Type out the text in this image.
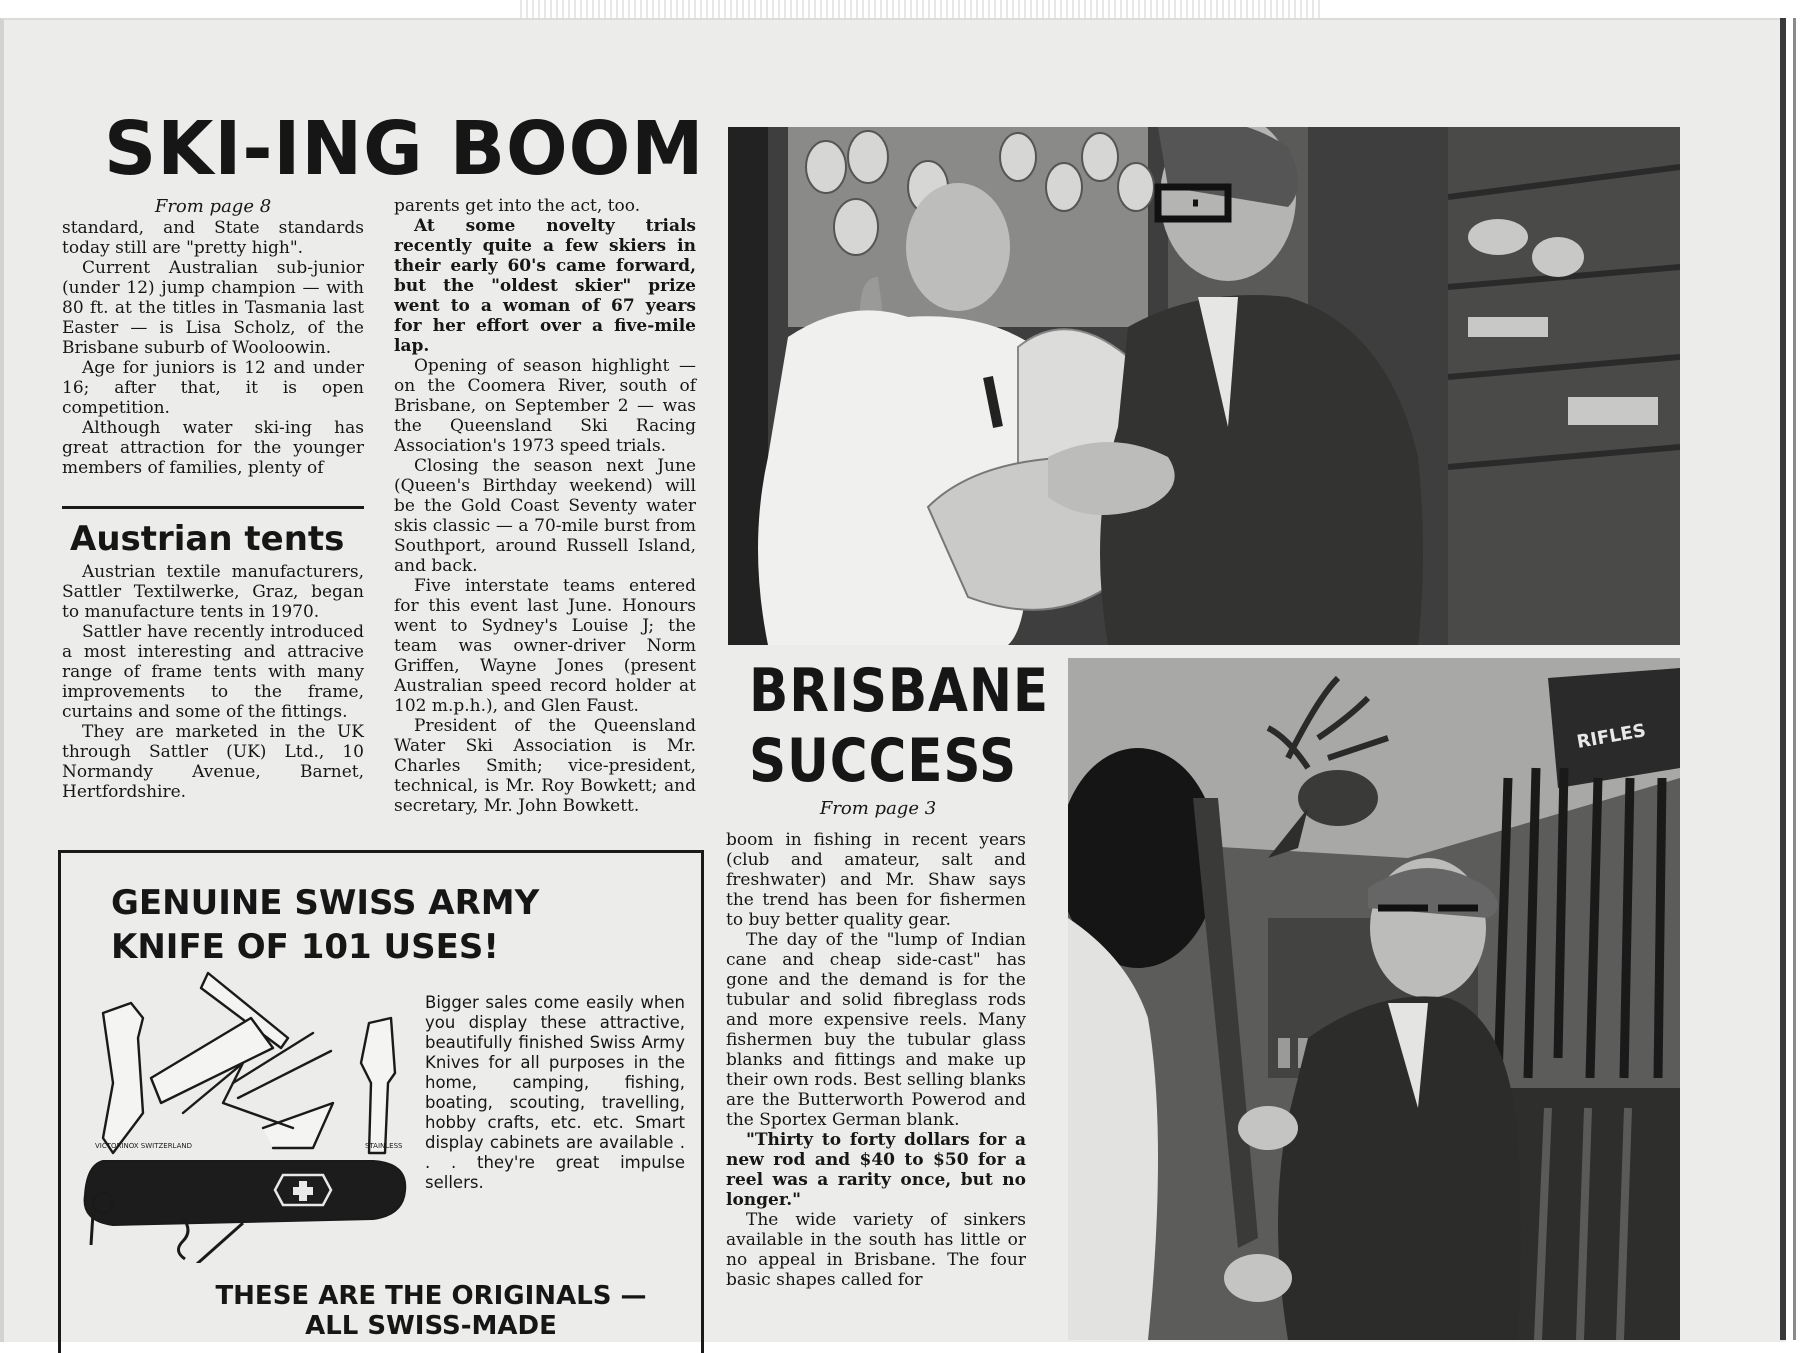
SKI-ING BOOM
From page 8

standard, and State standards today still are "pretty high".

Current Australian sub-junior (under 12) jump champion — with 80 ft. at the titles in Tasmania last Easter — is Lisa Scholz, of the Brisbane suburb of Wooloowin.

Age for juniors is 12 and under 16; after that, it is open competition.

Although water ski-ing has great attraction for the younger members of families, plenty of

parents get into the act, too.

At some novelty trials recently quite a few skiers in their early 60's came forward, but the "oldest skier" prize went to a woman of 67 years for her effort over a five-mile lap.

Opening of season highlight — on the Coomera River, south of Brisbane, on September 2 — was the Queensland Ski Racing Association's 1973 speed trials.

Closing the season next June (Queen's Birthday weekend) will be the Gold Coast Seventy water skis classic — a 70-mile burst from Southport, around Russell Island, and back.

Five interstate teams entered for this event last June. Honours went to Sydney's Louise J; the team was owner-driver Norm Griffen, Wayne Jones (present Australian speed record holder at 102 m.p.h.), and Glen Faust.

President of the Queensland Water Ski Association is Mr. Charles Smith; vice-president, technical, is Mr. Roy Bowkett; and secretary, Mr. John Bowkett.

Austrian tents

Austrian textile manufacturers, Sattler Textilwerke, Graz, began to manufacture tents in 1970.

Sattler have recently introduced a most interesting and attracive range of frame tents with many improvements to the frame, curtains and some of the fittings.

They are marketed in the UK through Sattler (UK) Ltd., 10 Normandy Avenue, Barnet, Hertfordshire.

GENUINE SWISS ARMY
KNIFE OF 101 USES!
VICTORINOX SWITZERLAND	STAINLESS
Bigger sales come easily when you display these attractive, beautifully finished Swiss Army Knives for all purposes in the home, camping, fishing, boating, scouting, travelling, hobby crafts, etc. etc. Smart display cabinets are available . . . they're great impulse sellers.
THESE ARE THE ORIGINALS —
ALL SWISS-MADE
BRISBANE
SUCCESS
From page 3

boom in fishing in recent years (club and amateur, salt and freshwater) and Mr. Shaw says the trend has been for fishermen to buy better quality gear.

The day of the "lump of Indian cane and cheap side-cast" has gone and the demand is for the tubular and solid fibreglass rods and more expensive reels. Many fishermen buy the tubular glass blanks and fittings and make up their own rods. Best selling blanks are the Butterworth Powerod and the Sportex German blank.

"Thirty to forty dollars for a new rod and $40 to $50 for a reel was a rarity once, but no longer."

The wide variety of sinkers available in the south has little or no appeal in Brisbane. The four basic shapes called for

RIFLES
